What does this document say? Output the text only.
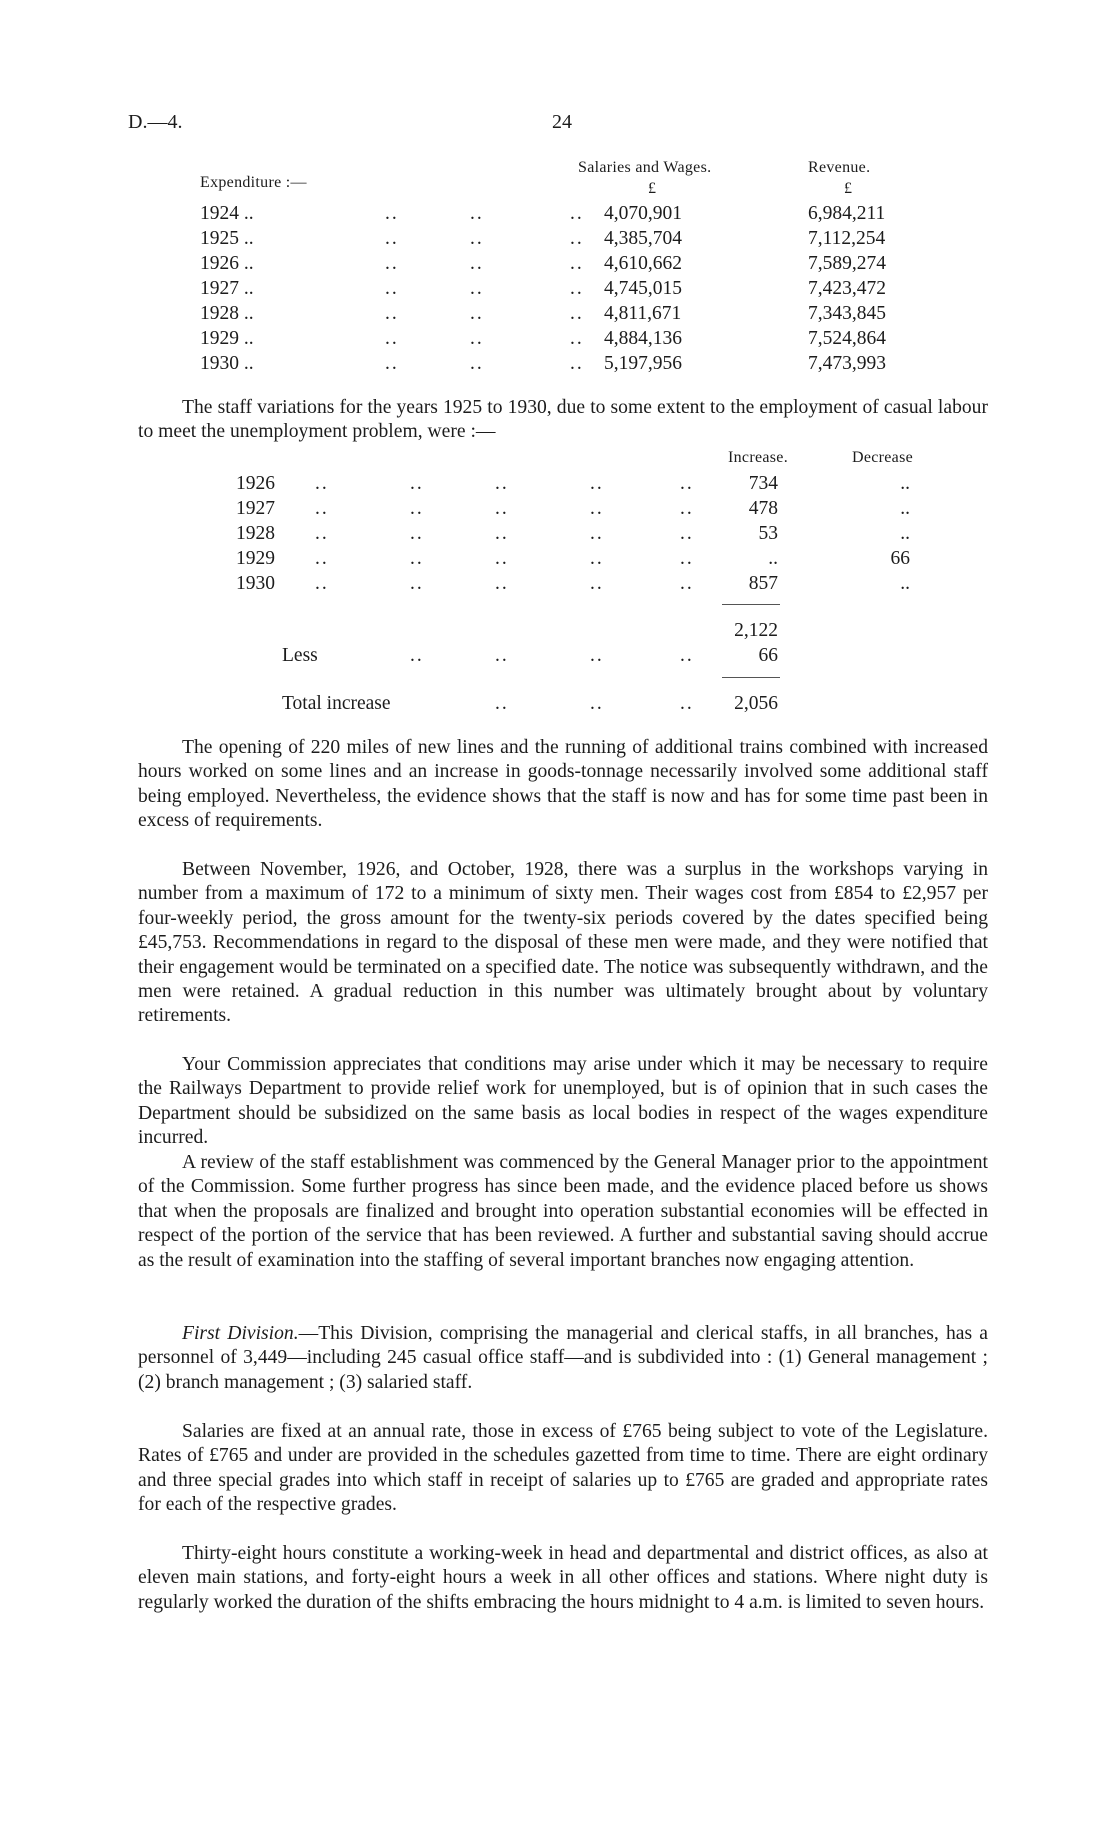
D.—4.	24
Salaries and Wages.	Revenue.
Expenditure :—	£	£
1924 ..	..	..	.. 4,070,901	6,984,211
1925 ..	..	..	.. 4,385,704	7,112,254
1926 ..	..	..	.. 4,610,662	7,589,274
1927 ..	..	..	.. 4,745,015	7,423,472
1928 ..	..	..	.. 4,811,671	7,343,845
1929 ..	..	..	.. 4,884,136	7,524,864
1930 ..	..	..	.. 5,197,956	7,473,993

The staff variations for the years 1925 to 1930, due to some extent to the employment of casual labour to meet the unemployment problem, were :—

Increase.	Decrease
1926 ..	..	..	..	..	734	..
1927 ..	..	..	..	..	478	..
1928 ..	..	..	..	..	53	..
1929 ..	..	..	..	..	..	66
1930 ..	..	..	..	..	857	..
2,122
Less	..	..	..	..	66
Total increase	..	..	..	2,056

The opening of 220 miles of new lines and the running of additional trains combined with increased hours worked on some lines and an increase in goods-tonnage necessarily involved some additional staff being employed. Nevertheless, the evidence shows that the staff is now and has for some time past been in excess of requirements.

Between November, 1926, and October, 1928, there was a surplus in the workshops varying in number from a maximum of 172 to a minimum of sixty men. Their wages cost from £854 to £2,957 per four-weekly period, the gross amount for the twenty-six periods covered by the dates specified being £45,753. Recommendations in regard to the disposal of these men were made, and they were notified that their engagement would be terminated on a specified date. The notice was subsequently withdrawn, and the men were retained. A gradual reduction in this number was ultimately brought about by voluntary retirements.

Your Commission appreciates that conditions may arise under which it may be necessary to require the Railways Department to provide relief work for unemployed, but is of opinion that in such cases the Department should be subsidized on the same basis as local bodies in respect of the wages expenditure incurred.

A review of the staff establishment was commenced by the General Manager prior to the appointment of the Commission. Some further progress has since been made, and the evidence placed before us shows that when the proposals are finalized and brought into operation substantial economies will be effected in respect of the portion of the service that has been reviewed. A further and substantial saving should accrue as the result of examination into the staffing of several important branches now engaging attention.

First Division.—This Division, comprising the managerial and clerical staffs, in all branches, has a personnel of 3,449—including 245 casual office staff—and is subdivided into : (1) General management ; (2) branch management ; (3) salaried staff.

Salaries are fixed at an annual rate, those in excess of £765 being subject to vote of the Legislature. Rates of £765 and under are provided in the schedules gazetted from time to time. There are eight ordinary and three special grades into which staff in receipt of salaries up to £765 are graded and appropriate rates for each of the respective grades.

Thirty-eight hours constitute a working-week in head and departmental and district offices, as also at eleven main stations, and forty-eight hours a week in all other offices and stations. Where night duty is regularly worked the duration of the shifts embracing the hours midnight to 4 a.m. is limited to seven hours.
